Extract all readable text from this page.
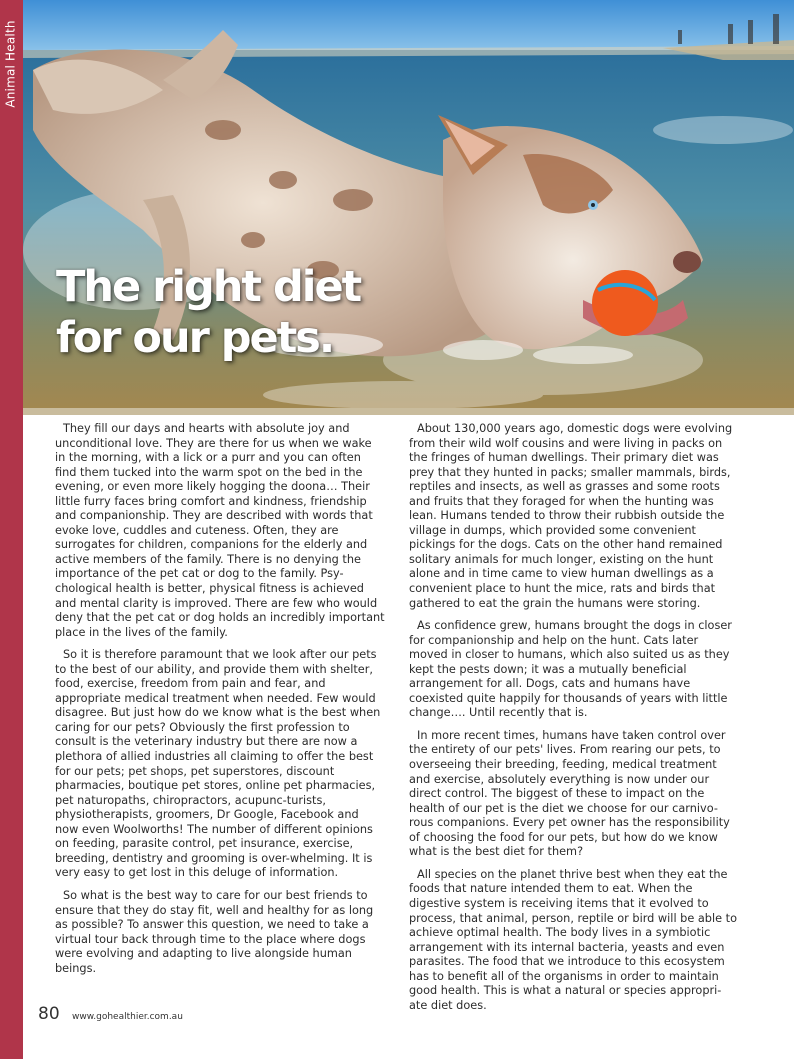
Animal Health
The right diet
for our pets.

They fill our days and hearts with absolute joy and unconditional love. They are there for us when we wake in the morning, with a lick or a purr and you can often find them tucked into the warm spot on the bed in the evening, or even more likely hogging the doona… Their little furry faces bring comfort and kindness, friendship and companionship. They are described with words that evoke love, cuddles and cuteness. Often, they are surrogates for children, companions for the elderly and active members of the family. There is no denying the importance of the pet cat or dog to the family. Psy-chological health is better, physical fitness is achieved and mental clarity is improved. There are few who would deny that the pet cat or dog holds an incredibly important place in the lives of the family.

So it is therefore paramount that we look after our pets to the best of our ability, and provide them with shelter, food, exercise, freedom from pain and fear, and appropriate medical treatment when needed. Few would disagree. But just how do we know what is the best when caring for our pets? Obviously the first profession to consult is the veterinary industry but there are now a plethora of allied industries all claiming to offer the best for our pets; pet shops, pet superstores, discount pharmacies, boutique pet stores, online pet pharmacies, pet naturopaths, chiropractors, acupunc-turists, physiotherapists, groomers, Dr Google, Facebook and now even Woolworths! The number of different opinions on feeding, parasite control, pet insurance, exercise, breeding, dentistry and grooming is over-whelming. It is very easy to get lost in this deluge of information.

So what is the best way to care for our best friends to ensure that they do stay fit, well and healthy for as long as possible? To answer this question, we need to take a virtual tour back through time to the place where dogs were evolving and adapting to live alongside human beings.

About 130,000 years ago, domestic dogs were evolving from their wild wolf cousins and were living in packs on the fringes of human dwellings. Their primary diet was prey that they hunted in packs; smaller mammals, birds, reptiles and insects, as well as grasses and some roots and fruits that they foraged for when the hunting was lean. Humans tended to throw their rubbish outside the village in dumps, which provided some convenient pickings for the dogs. Cats on the other hand remained solitary animals for much longer, existing on the hunt alone and in time came to view human dwellings as a convenient place to hunt the mice, rats and birds that gathered to eat the grain the humans were storing.

As confidence grew, humans brought the dogs in closer for companionship and help on the hunt. Cats later moved in closer to humans, which also suited us as they kept the pests down; it was a mutually beneficial arrangement for all. Dogs, cats and humans have coexisted quite happily for thousands of years with little change…. Until recently that is.

In more recent times, humans have taken control over the entirety of our pets' lives. From rearing our pets, to overseeing their breeding, feeding, medical treatment and exercise, absolutely everything is now under our direct control. The biggest of these to impact on the health of our pet is the diet we choose for our carnivo-rous companions. Every pet owner has the responsibility of choosing the food for our pets, but how do we know what is the best diet for them?

All species on the planet thrive best when they eat the foods that nature intended them to eat. When the digestive system is receiving items that it evolved to process, that animal, person, reptile or bird will be able to achieve optimal health. The body lives in a symbiotic arrangement with its internal bacteria, yeasts and even parasites. The food that we introduce to this ecosystem has to benefit all of the organisms in order to maintain good health. This is what a natural or species appropri-ate diet does.

80 www.gohealthier.com.au
